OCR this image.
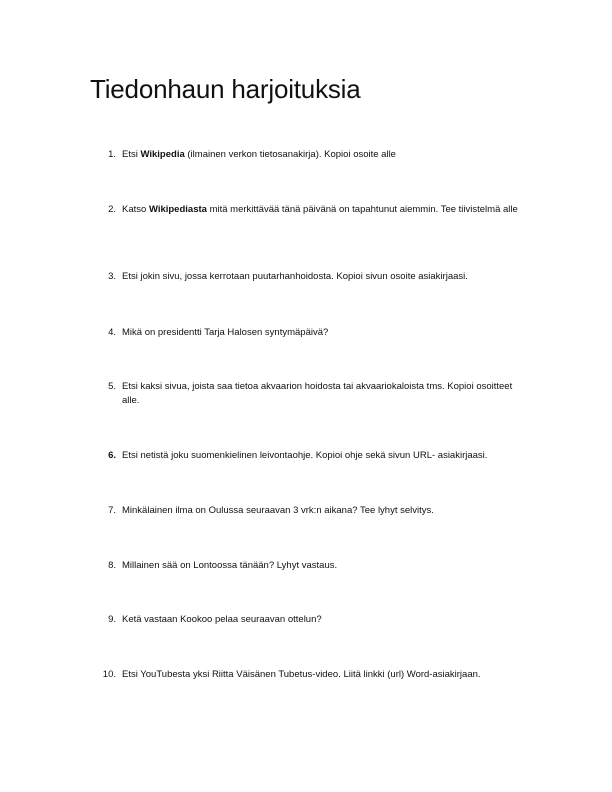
Tiedonhaun harjoituksia
1. Etsi Wikipedia (ilmainen verkon tietosanakirja). Kopioi osoite alle
2. Katso Wikipediasta mitä merkittävää tänä päivänä on tapahtunut aiemmin. Tee tiivistelmä alle
3. Etsi jokin sivu, jossa kerrotaan puutarhanhoidosta. Kopioi sivun osoite asiakirjaasi.
4. Mikä on presidentti Tarja Halosen syntymäpäivä?
5. Etsi kaksi sivua, joista saa tietoa akvaarion hoidosta tai akvaariokaloista tms. Kopioi osoitteet alle.
6. Etsi netistä joku suomenkielinen leivontaohje. Kopioi ohje sekä sivun URL- asiakirjaasi.
7. Minkälainen ilma on Oulussa seuraavan 3 vrk:n aikana? Tee lyhyt selvitys.
8. Millainen sää on Lontoossa tänään? Lyhyt vastaus.
9. Ketä vastaan Kookoo pelaa seuraavan ottelun?
10. Etsi YouTubesta yksi Riitta Väisänen Tubetus-video. Liitä linkki (url) Word-asiakirjaan.
